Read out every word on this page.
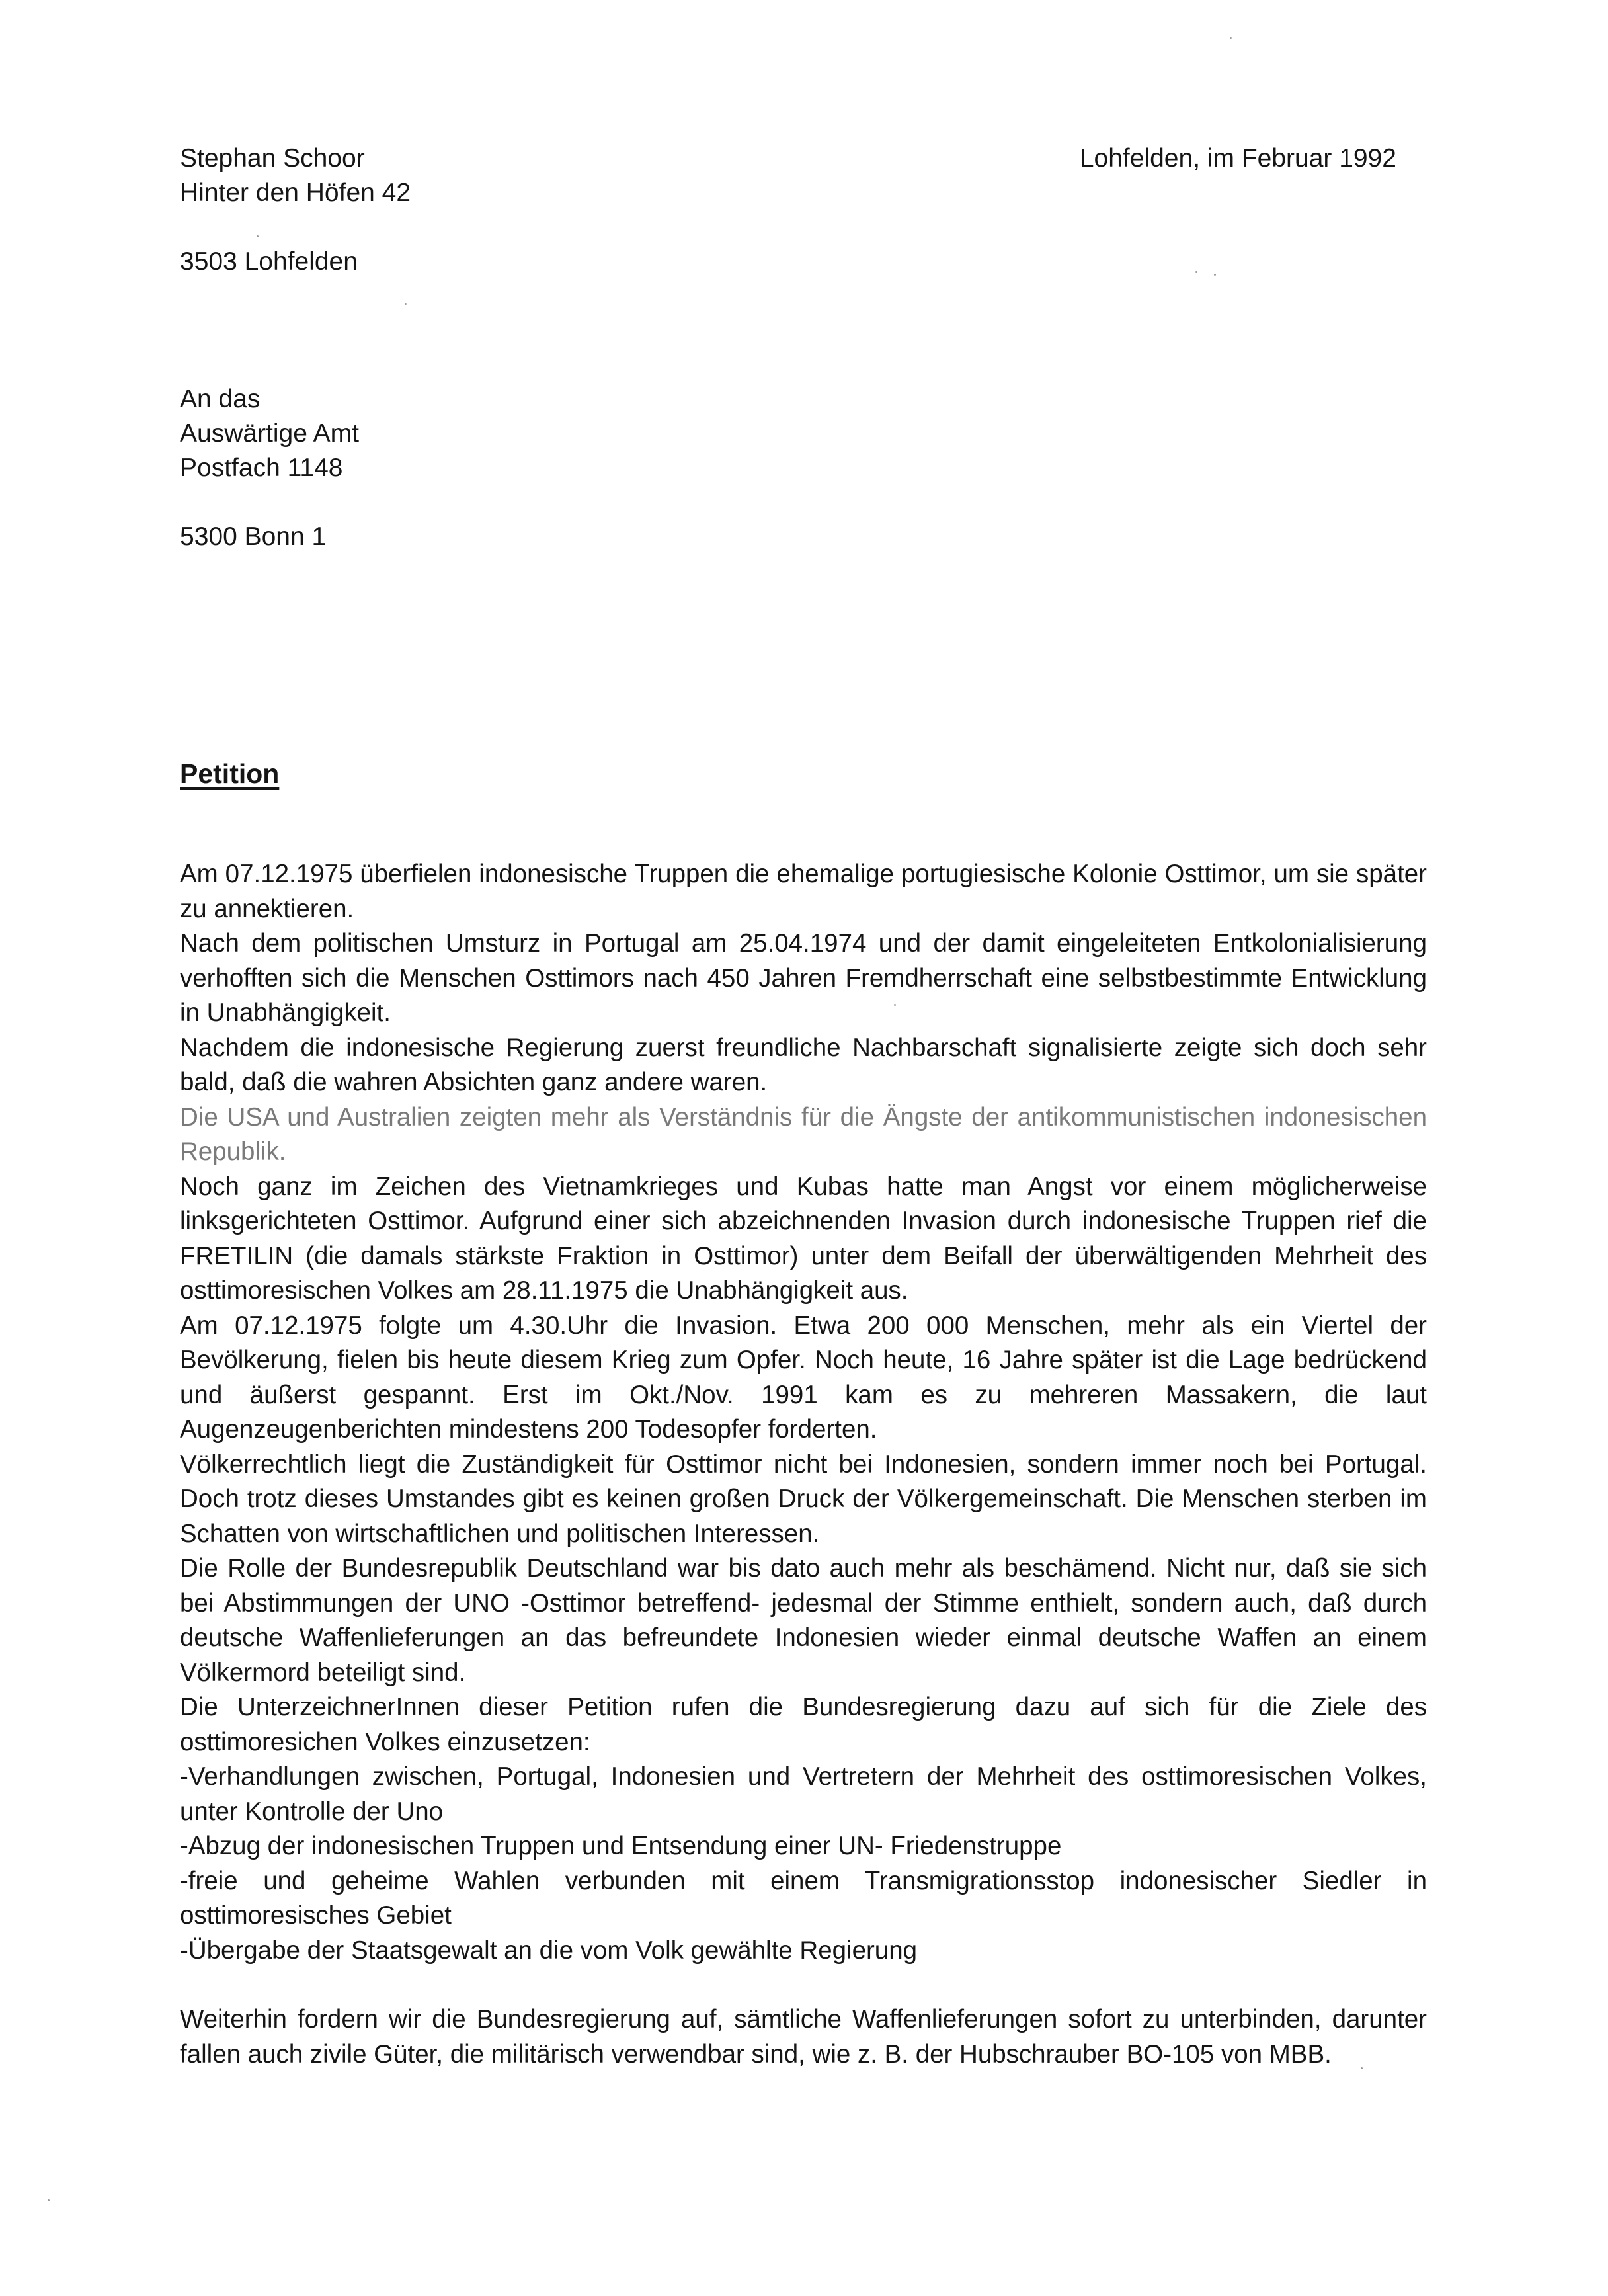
Stephan Schoor
Hinter den Höfen 42
3503 Lohfelden
Lohfelden, im Februar 1992
An das
Auswärtige Amt
Postfach 1148
5300 Bonn 1
Petition

Am 07.12.1975 überfielen indonesische Truppen die ehemalige portugiesische Kolonie Osttimor, um sie später zu annektieren.

Nach dem politischen Umsturz in Portugal am 25.04.1974 und der damit eingeleiteten Entkolonialisierung verhofften sich die Menschen Osttimors nach 450 Jahren Fremdherrschaft eine selbstbestimmte Entwicklung in Unabhängigkeit.

Nachdem die indonesische Regierung zuerst freundliche Nachbarschaft signalisierte zeigte sich doch sehr bald, daß die wahren Absichten ganz andere waren.

Die USA und Australien zeigten mehr als Verständnis für die Ängste der antikommunistischen indonesischen Republik.

Noch ganz im Zeichen des Vietnamkrieges und Kubas hatte man Angst vor einem möglicherweise linksgerichteten Osttimor. Aufgrund einer sich abzeichnenden Invasion durch indonesische Truppen rief die FRETILIN (die damals stärkste Fraktion in Osttimor) unter dem Beifall der überwältigenden Mehrheit des osttimoresischen Volkes am 28.11.1975 die Unabhängigkeit aus.

Am 07.12.1975 folgte um 4.30.Uhr die Invasion. Etwa 200 000 Menschen, mehr als ein Viertel der Bevölkerung, fielen bis heute diesem Krieg zum Opfer. Noch heute, 16 Jahre später ist die Lage bedrückend und äußerst gespannt. Erst im Okt./Nov. 1991 kam es zu mehreren Massakern, die laut Augenzeugenberichten mindestens 200 Todesopfer forderten.

Völkerrechtlich liegt die Zuständigkeit für Osttimor nicht bei Indonesien, sondern immer noch bei Portugal. Doch trotz dieses Umstandes gibt es keinen großen Druck der Völkergemeinschaft. Die Menschen sterben im Schatten von wirtschaftlichen und politischen Interessen.

Die Rolle der Bundesrepublik Deutschland war bis dato auch mehr als beschämend. Nicht nur, daß sie sich bei Abstimmungen der UNO -Osttimor betreffend- jedesmal der Stimme enthielt, sondern auch, daß durch deutsche Waffenlieferungen an das befreundete Indonesien wieder einmal deutsche Waffen an einem Völkermord beteiligt sind.

Die UnterzeichnerInnen dieser Petition rufen die Bundesregierung dazu auf sich für die Ziele des osttimoresichen Volkes einzusetzen:

-Verhandlungen zwischen, Portugal, Indonesien und Vertretern der Mehrheit des osttimoresischen Volkes, unter Kontrolle der Uno

-Abzug der indonesischen Truppen und Entsendung einer UN- Friedenstruppe

-freie und geheime Wahlen verbunden mit einem Transmigrationsstop indonesischer Siedler in osttimoresisches Gebiet

-Übergabe der Staatsgewalt an die vom Volk gewählte Regierung

Weiterhin fordern wir die Bundesregierung auf, sämtliche Waffenlieferungen sofort zu unterbinden, darunter fallen auch zivile Güter, die militärisch verwendbar sind, wie z. B. der Hubschrauber BO-105 von MBB.
